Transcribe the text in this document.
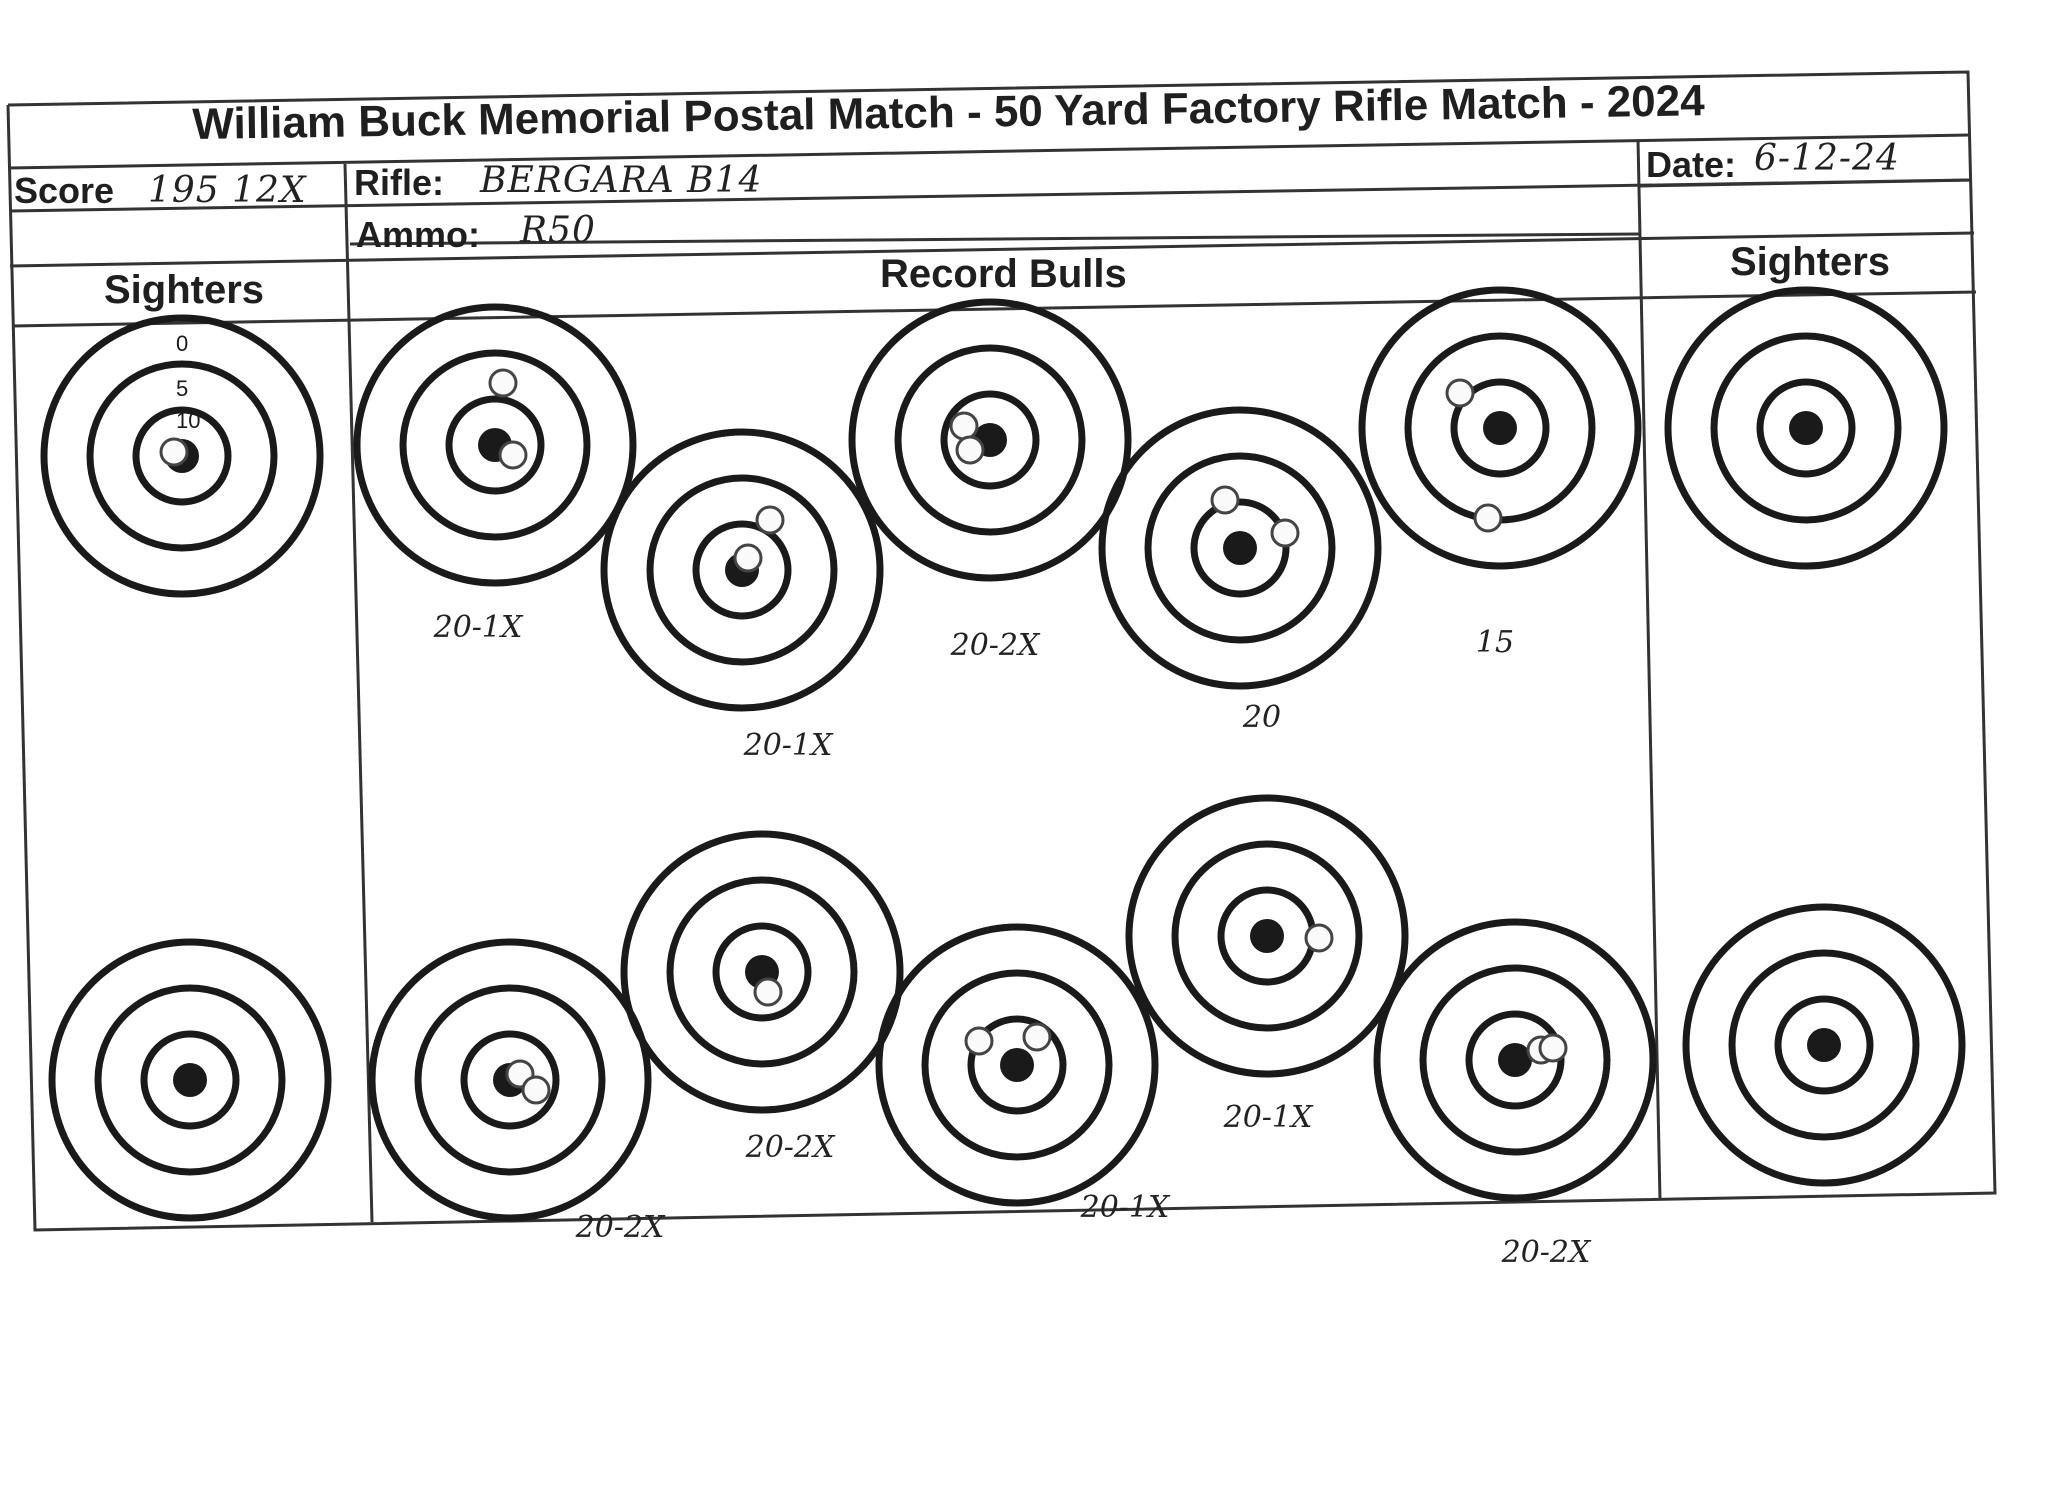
William Buck Memorial Postal Match - 50 Yard Factory Rifle Match - 2024
Score 195 12X Rifle: BERGARA B14
Ammo: R50
Date: 6-12-24
Sighters	Record Bulls	Sighters
0
5
10
20-1X
20-1X
20-2X
20
15
20-2X
20-2X
20-1X
20-1X
20-2X
